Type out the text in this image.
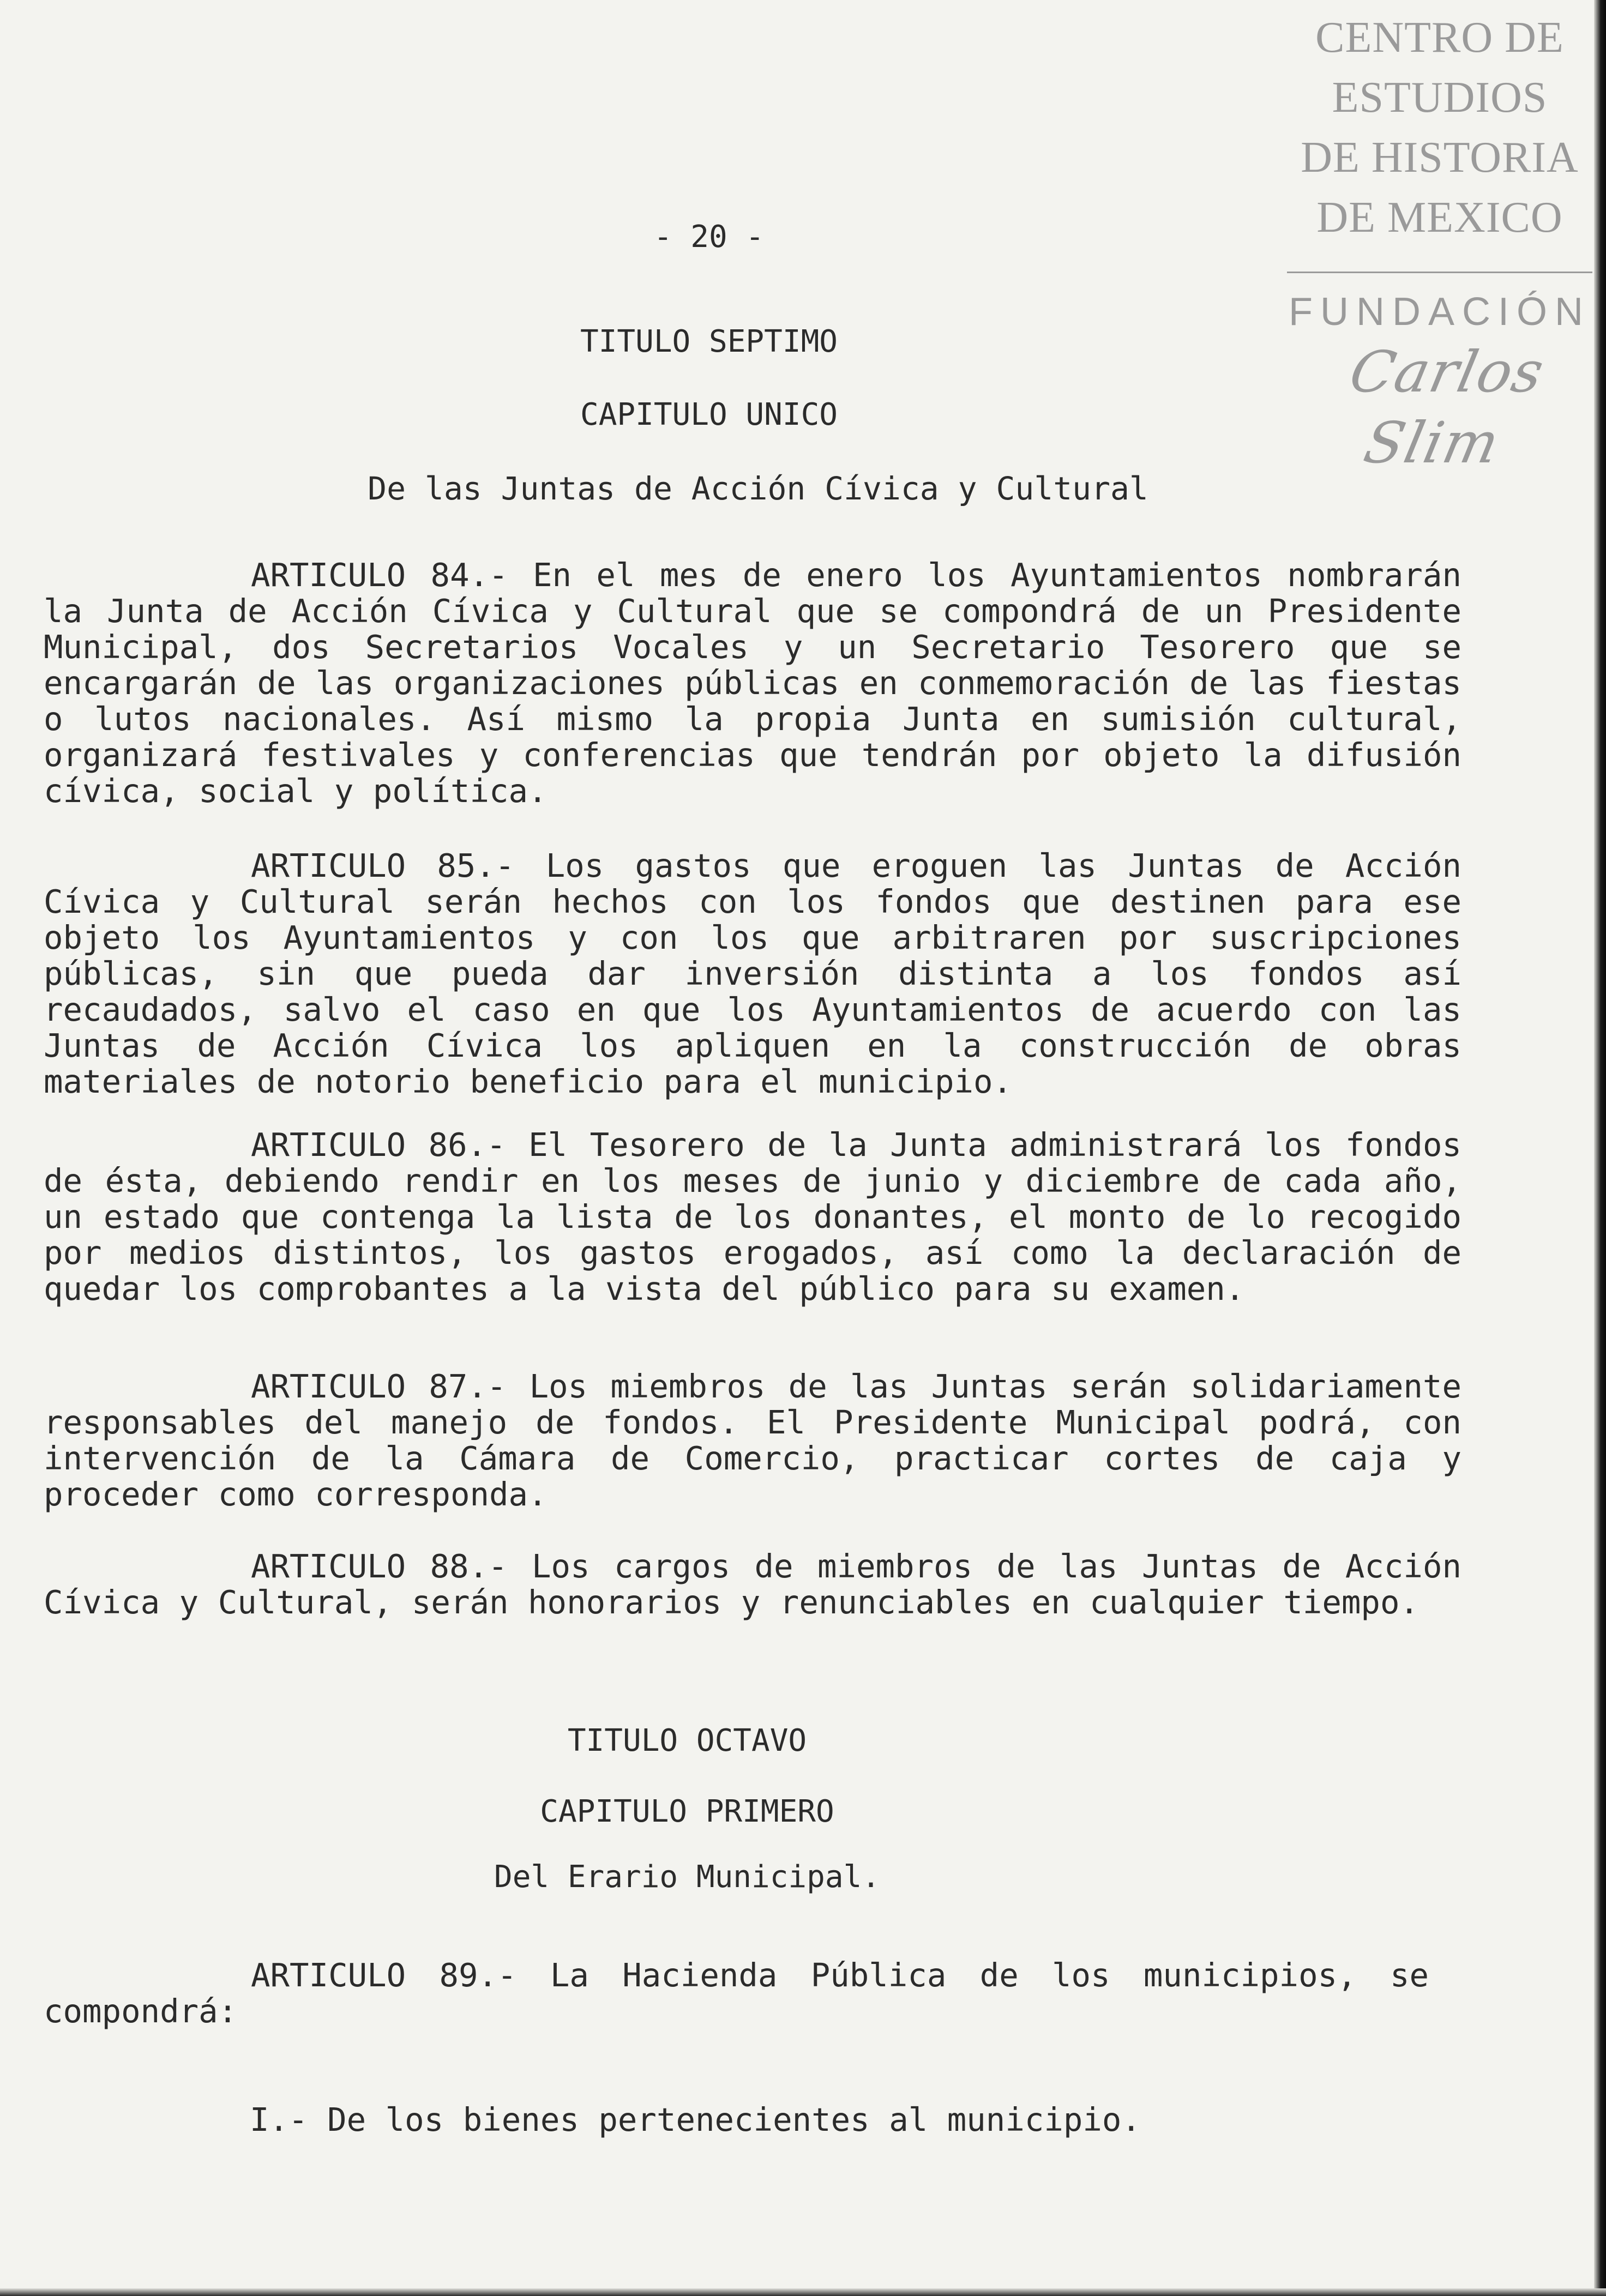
CENTRO DE
ESTUDIOS
DE HISTORIA
DE MEXICO
FUNDACIÓN
Carlos Slim
- 20 -
TITULO SEPTIMO
CAPITULO UNICO
De las Juntas de Acción Cívica y Cultural

ARTICULO 84.- En el mes de enero los Ayuntamientos nombrarán la Junta de Acción Cívica y Cultural que se compondrá de un Presidente Municipal, dos Secretarios Vocales y un Secretario Tesorero que se encargarán de las organizaciones públicas en conmemoración de las fiestas o lutos nacionales. Así mismo la propia Junta en sumisión cultural, organizará festivales y conferencias que tendrán por objeto la difusión cívica, social y política.

ARTICULO 85.- Los gastos que eroguen las Juntas de Acción Cívica y Cultural serán hechos con los fondos que destinen para ese objeto los Ayuntamientos y con los que arbitraren por suscripciones públicas, sin que pueda dar inversión distinta a los fondos así recaudados, salvo el caso en que los Ayuntamientos de acuerdo con las Juntas de Acción Cívica los apliquen en la construcción de obras materiales de notorio beneficio para el municipio.

ARTICULO 86.- El Tesorero de la Junta administrará los fondos de ésta, debiendo rendir en los meses de junio y diciembre de cada año, un estado que contenga la lista de los donantes, el monto de lo recogido por medios distintos, los gastos erogados, así como la declaración de quedar los comprobantes a la vista del público para su examen.

ARTICULO 87.- Los miembros de las Juntas serán solidariamente responsables del manejo de fondos. El Presidente Municipal podrá, con intervención de la Cámara de Comercio, practicar cortes de caja y proceder como corresponda.

ARTICULO 88.- Los cargos de miembros de las Juntas de Acción Cívica y Cultural, serán honorarios y renunciables en cualquier tiempo.

TITULO OCTAVO
CAPITULO PRIMERO
Del Erario Municipal.

ARTICULO 89.- La Hacienda Pública de los municipios, se compondrá:

I.- De los bienes pertenecientes al municipio.
